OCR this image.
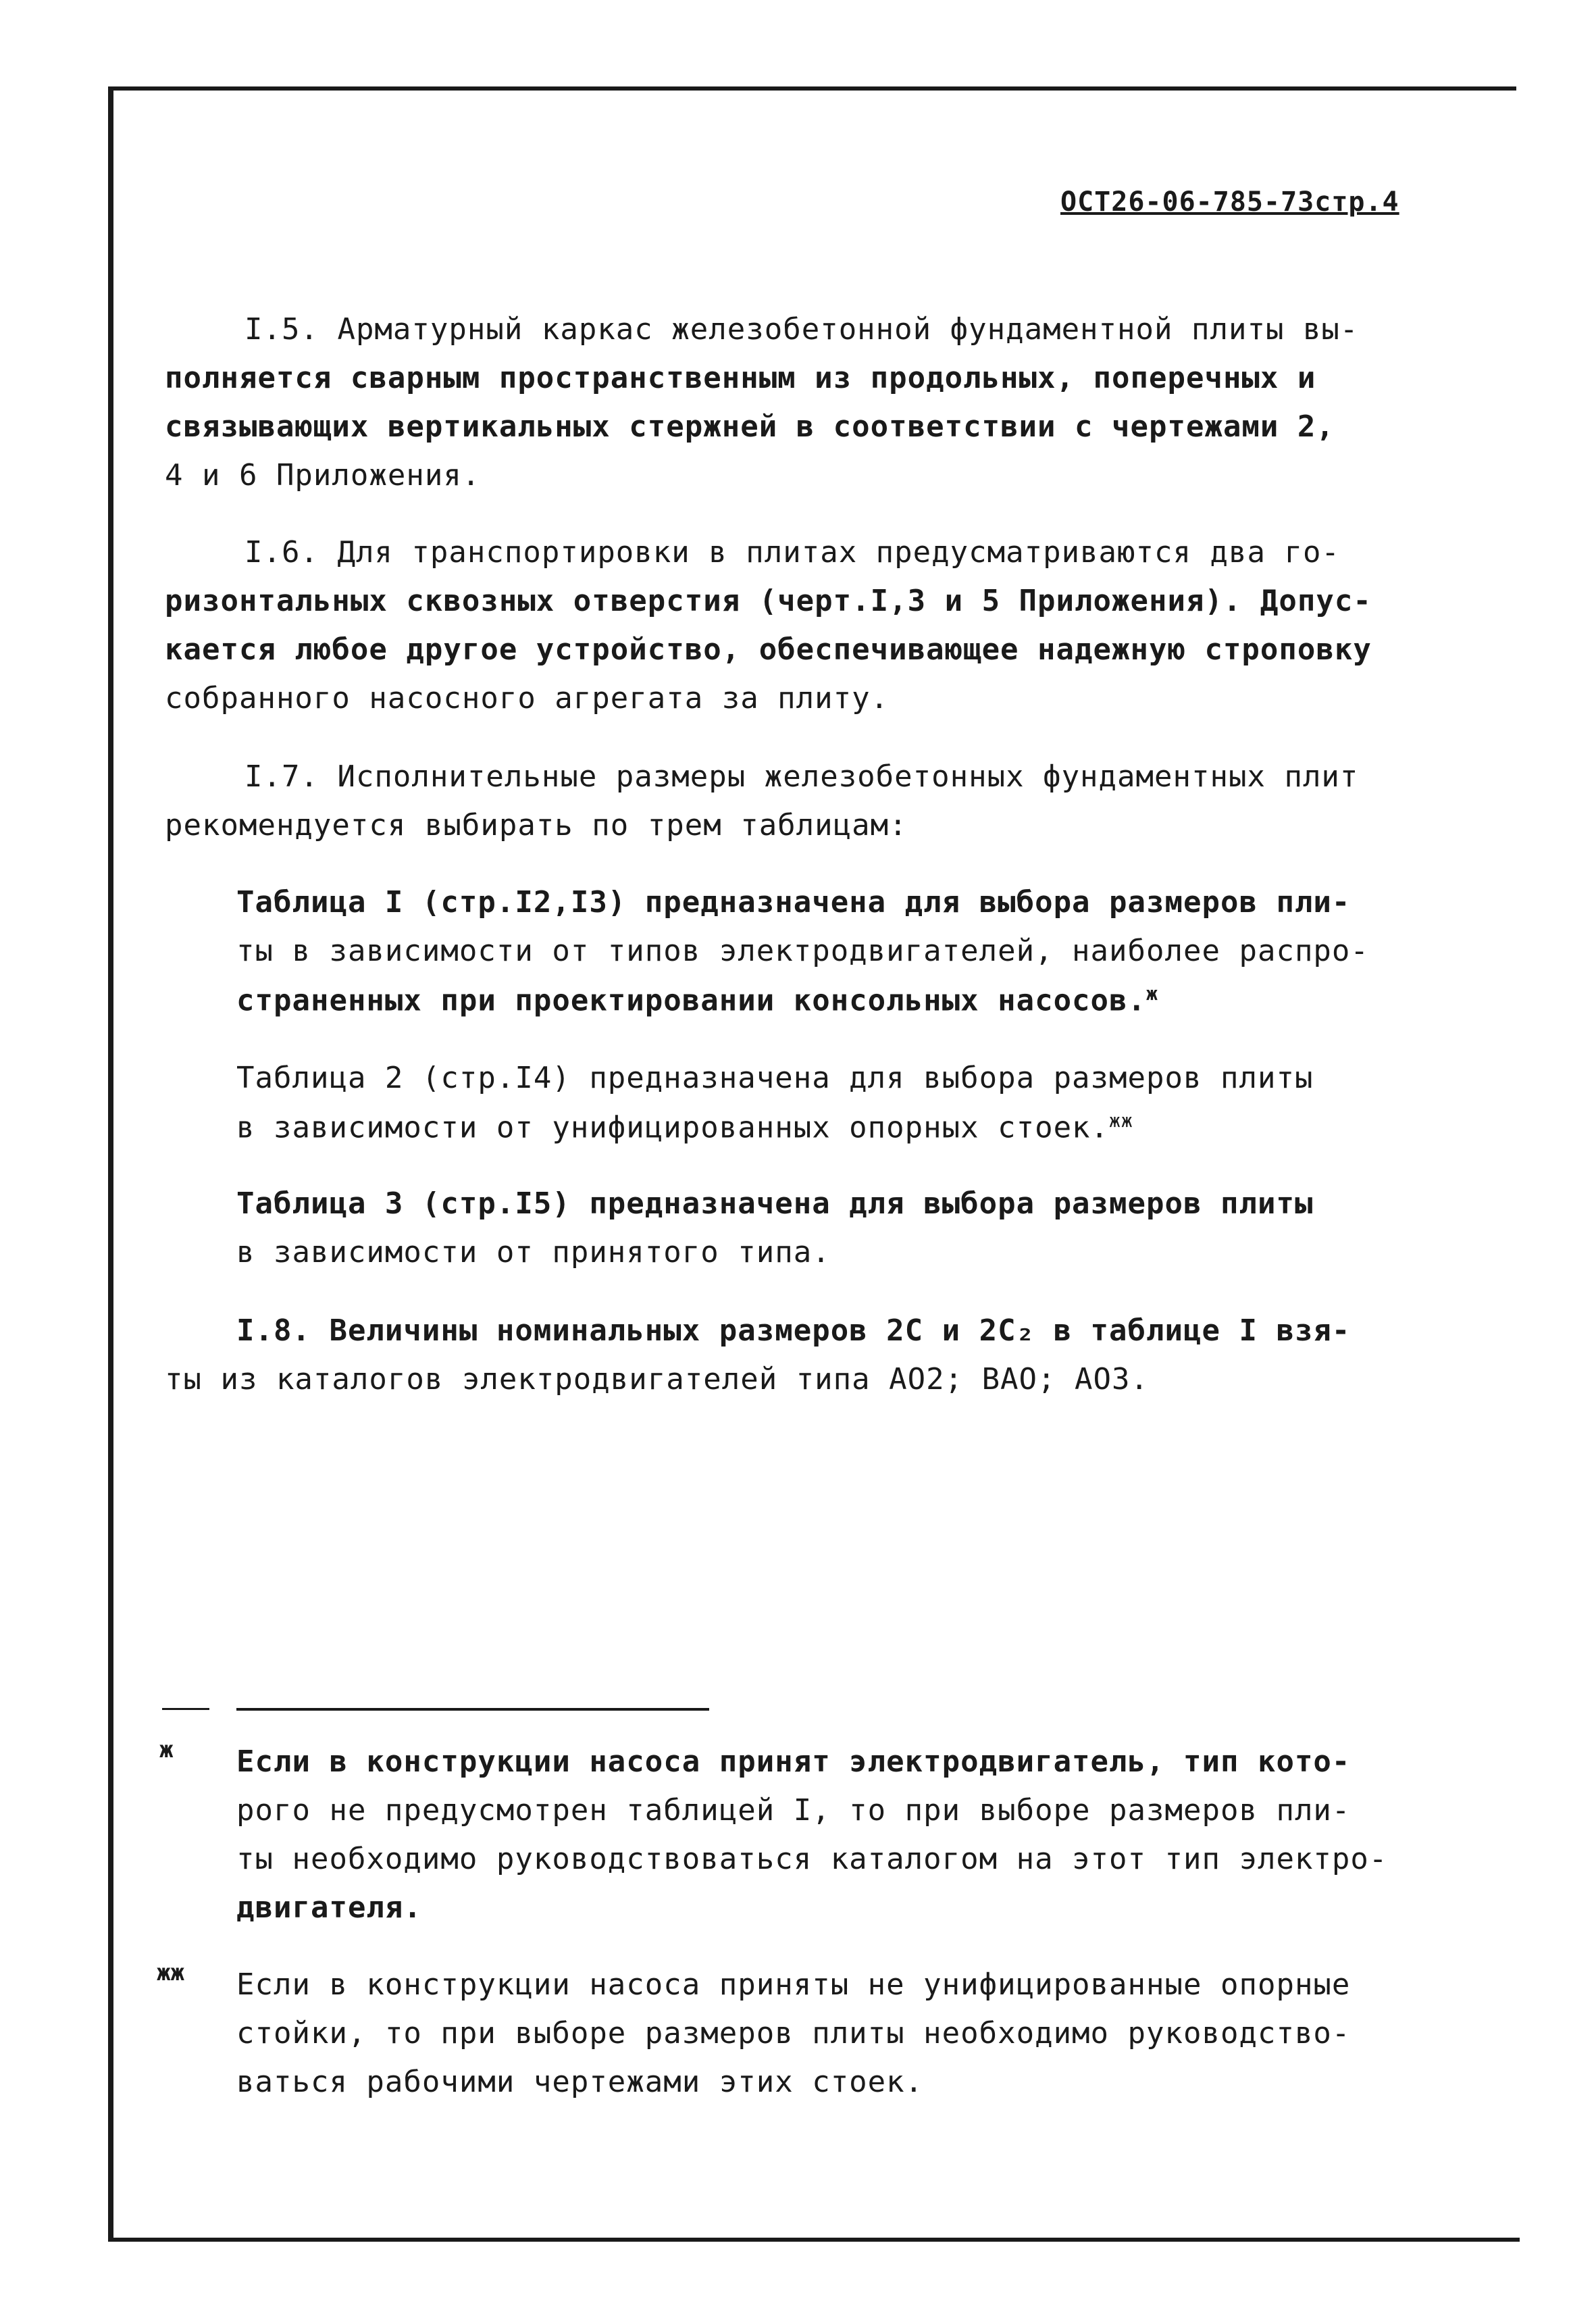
ОСТ26-06-785-73стр.4
I.5. Арматурный каркас железобетонной фундаментной плиты вы-
полняется сварным пространственным из продольных, поперечных и
связывающих вертикальных стержней в соответствии с чертежами 2,
4 и 6 Приложения.
I.6. Для транспортировки в плитах предусматриваются два го-
ризонтальных сквозных отверстия (черт.I,3 и 5 Приложения). Допус-
кается любое другое устройство, обеспечивающее надежную строповку
собранного насосного агрегата за плиту.
I.7. Исполнительные размеры железобетонных фундаментных плит
рекомендуется выбирать по трем таблицам:
Таблица I (стр.I2,I3) предназначена для выбора размеров пли-
ты в зависимости от типов электродвигателей, наиболее распро-
страненных при проектировании консольных насосов.$^ж$
Таблица 2 (стр.I4) предназначена для выбора размеров плиты
в зависимости от унифицированных опорных стоек.$^{жж}$
Таблица 3 (стр.I5) предназначена для выбора размеров плиты
в зависимости от принятого типа.
I.8. Величины номинальных размеров 2С и 2С₂ в таблице I взя-
ты из каталогов электродвигателей типа АО2; ВАО; АО3.
ж Если в конструкции насоса принят электродвигатель, тип кото-
рого не предусмотрен таблицей I, то при выборе размеров пли-
ты необходимо руководствоваться каталогом на этот тип электро-
двигателя.
жж Если в конструкции насоса приняты не унифицированные опорные
стойки, то при выборе размеров плиты необходимо руководство-
ваться рабочими чертежами этих стоек.
